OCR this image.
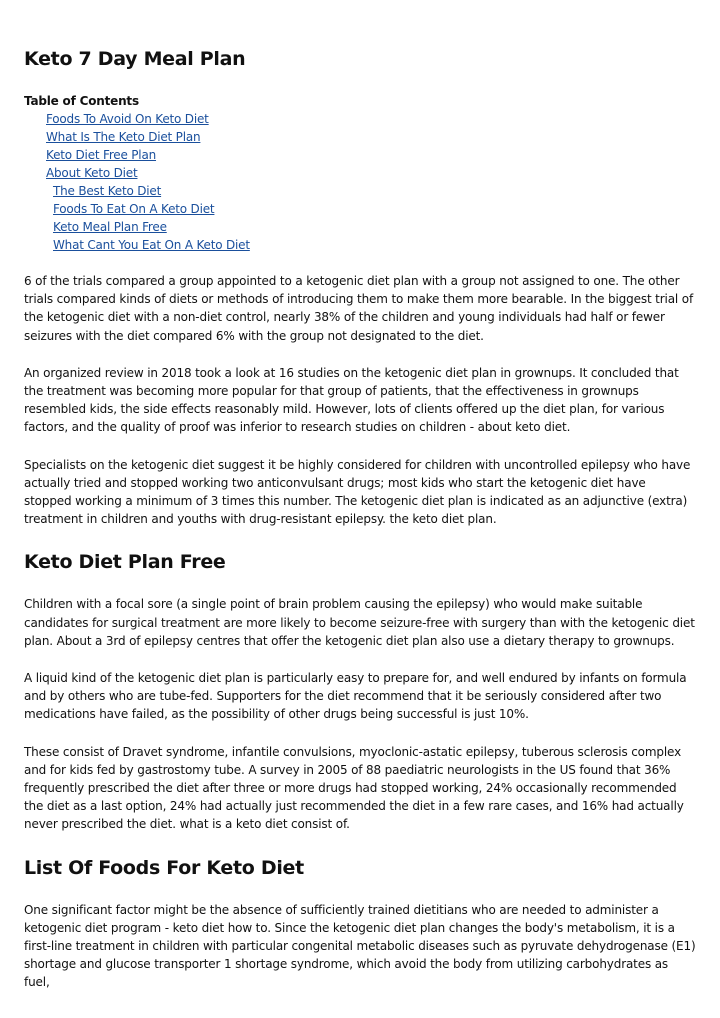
Keto 7 Day Meal Plan
Table of Contents
Foods To Avoid On Keto Diet
What Is The Keto Diet Plan
Keto Diet Free Plan
About Keto Diet
The Best Keto Diet
Foods To Eat On A Keto Diet
Keto Meal Plan Free
What Cant You Eat On A Keto Diet

6 of the trials compared a group appointed to a ketogenic diet plan with a group not assigned to one. The other trials compared kinds of diets or methods of introducing them to make them more bearable. In the biggest trial of the ketogenic diet with a non-diet control, nearly 38% of the children and young individuals had half or fewer seizures with the diet compared 6% with the group not designated to the diet.

An organized review in 2018 took a look at 16 studies on the ketogenic diet plan in grownups. It concluded that the treatment was becoming more popular for that group of patients, that the effectiveness in grownups resembled kids, the side effects reasonably mild. However, lots of clients offered up the diet plan, for various factors, and the quality of proof was inferior to research studies on children - about keto diet.

Specialists on the ketogenic diet suggest it be highly considered for children with uncontrolled epilepsy who have actually tried and stopped working two anticonvulsant drugs; most kids who start the ketogenic diet have stopped working a minimum of 3 times this number. The ketogenic diet plan is indicated as an adjunctive (extra) treatment in children and youths with drug-resistant epilepsy. the keto diet plan.

Keto Diet Plan Free

Children with a focal sore (a single point of brain problem causing the epilepsy) who would make suitable candidates for surgical treatment are more likely to become seizure-free with surgery than with the ketogenic diet plan. About a 3rd of epilepsy centres that offer the ketogenic diet plan also use a dietary therapy to grownups.

A liquid kind of the ketogenic diet plan is particularly easy to prepare for, and well endured by infants on formula and by others who are tube-fed. Supporters for the diet recommend that it be seriously considered after two medications have failed, as the possibility of other drugs being successful is just 10%.

These consist of Dravet syndrome, infantile convulsions, myoclonic-astatic epilepsy, tuberous sclerosis complex and for kids fed by gastrostomy tube. A survey in 2005 of 88 paediatric neurologists in the US found that 36% frequently prescribed the diet after three or more drugs had stopped working, 24% occasionally recommended the diet as a last option, 24% had actually just recommended the diet in a few rare cases, and 16% had actually never prescribed the diet. what is a keto diet consist of.

List Of Foods For Keto Diet

One significant factor might be the absence of sufficiently trained dietitians who are needed to administer a ketogenic diet program - keto diet how to. Since the ketogenic diet plan changes the body's metabolism, it is a first-line treatment in children with particular congenital metabolic diseases such as pyruvate dehydrogenase (E1) shortage and glucose transporter 1 shortage syndrome, which avoid the body from utilizing carbohydrates as fuel,
